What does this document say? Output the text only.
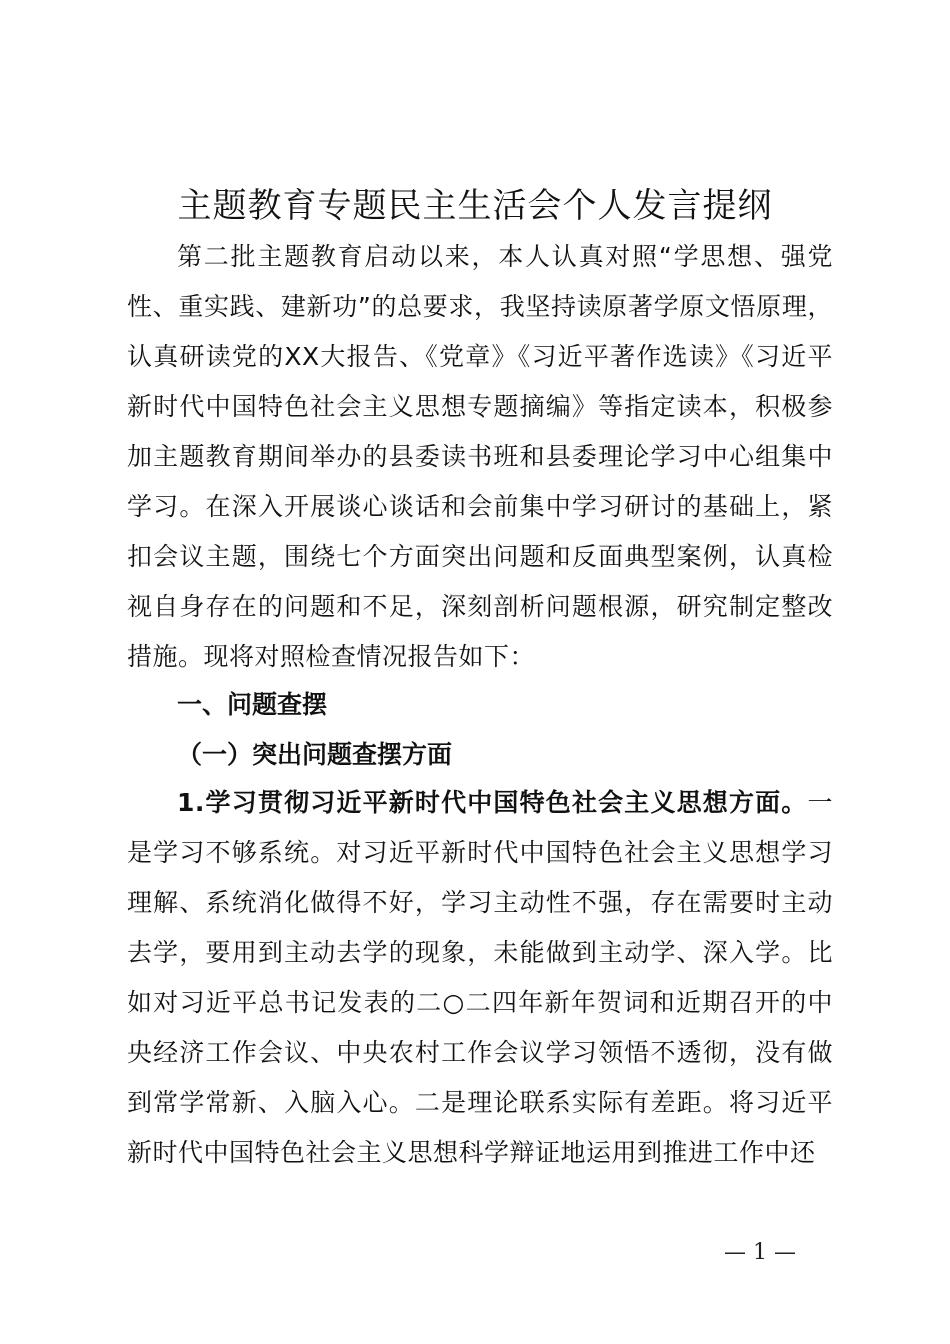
主题教育专题民主生活会个人发言提纲

第二批主题教育启动以来，本人认真对照“学思想、强党性、重实践、建新功”的总要求，我坚持读原著学原文悟原理，认真研读党的XX大报告、《党章》《习近平著作选读》《习近平新时代中国特色社会主义思想专题摘编》等指定读本，积极参加主题教育期间举办的县委读书班和县委理论学习中心组集中学习。在深入开展谈心谈话和会前集中学习研讨的基础上，紧扣会议主题，围绕七个方面突出问题和反面典型案例，认真检视自身存在的问题和不足，深刻剖析问题根源，研究制定整改措施。现将对照检查情况报告如下：

一、问题查摆
（一）突出问题查摆方面

1.学习贯彻习近平新时代中国特色社会主义思想方面。一是学习不够系统。对习近平新时代中国特色社会主义思想学习理解、系统消化做得不好，学习主动性不强，存在需要时主动去学，要用到主动去学的现象，未能做到主动学、深入学。比如对习近平总书记发表的二○二四年新年贺词和近期召开的中央经济工作会议、中央农村工作会议学习领悟不透彻，没有做到常学常新、入脑入心。二是理论联系实际有差距。将习近平新时代中国特色社会主义思想科学辩证地运用到推进工作中还

— 1 —
